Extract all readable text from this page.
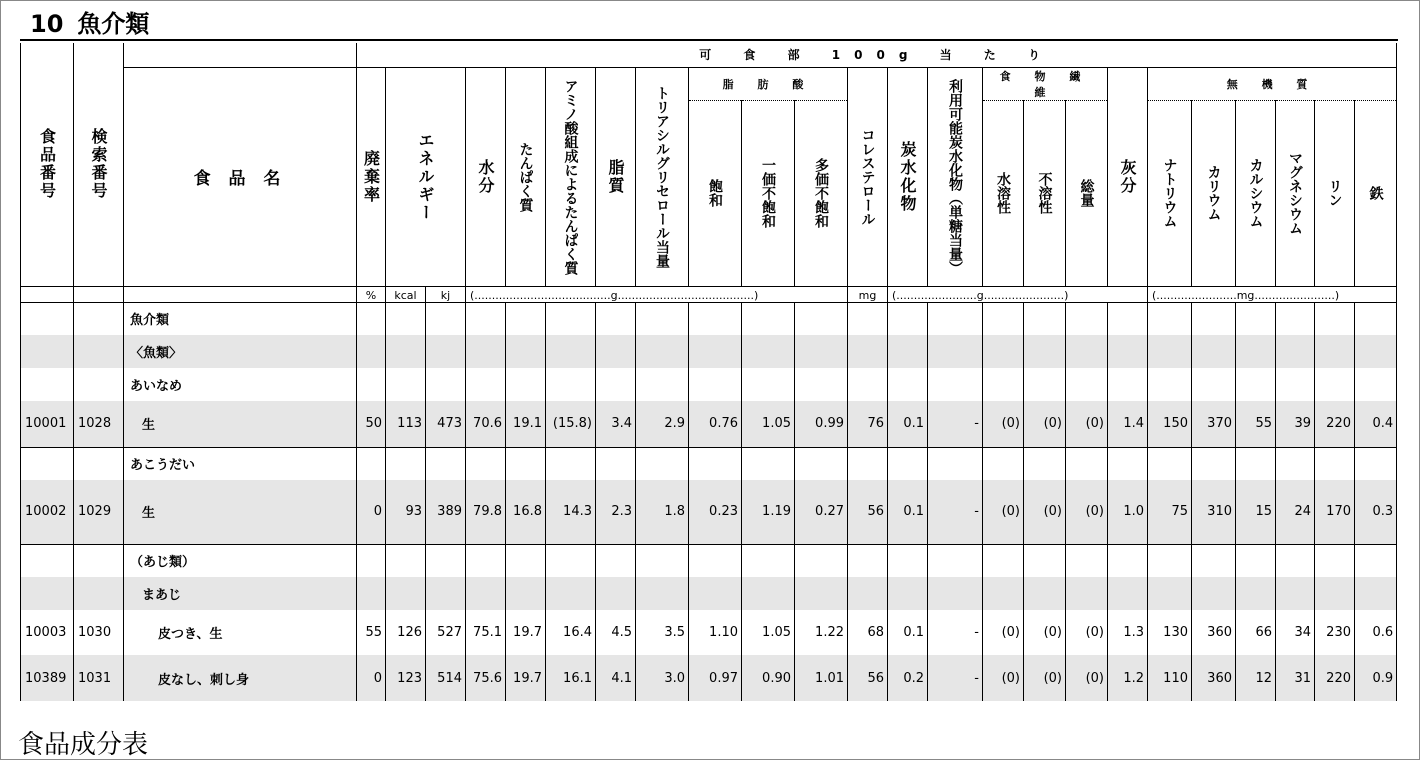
10 魚介類
食品番号	検索番号		可 食 部 100g 当 た り																							
		食 品 名	廃棄率	エネルギー		水分	たんぱく質	アミノ酸組成によるたんぱく質	脂質	トリアシルグリセロール当量	脂 肪 酸			コレステロール	炭水化物	利用可能炭水化物（単糖当量）	食 物 繊 維			灰分	無 機 質					
											飽和	一価不飽和	多価不飽和				水溶性	不溶性	総量		ナトリウム	カリウム	カルシウム	マグネシウム	リン	鉄

			%	kcal	kj	(.......................................g.......................................)								mg	(.......................g.......................)						(.......................mg.......................)					
		魚介類																								
		〈魚類〉																								
		あいなめ																								
10001	1028	生	50	113	473	70.6	19.1	(15.8)	3.4	2.9	0.76	1.05	0.99	76	0.1	-	(0)	(0)	(0)	1.4	150	370	55	39	220	0.4
		あこうだい																								
10002	1029	生	0	93	389	79.8	16.8	14.3	2.3	1.8	0.23	1.19	0.27	56	0.1	-	(0)	(0)	(0)	1.0	75	310	15	24	170	0.3
		（あじ類）																								
		まあじ																								
10003	1030	皮つき、生	55	126	527	75.1	19.7	16.4	4.5	3.5	1.10	1.05	1.22	68	0.1	-	(0)	(0)	(0)	1.3	130	360	66	34	230	0.6
10389	1031	皮なし、刺し身	0	123	514	75.6	19.7	16.1	4.1	3.0	0.97	0.90	1.01	56	0.2	-	(0)	(0)	(0)	1.2	110	360	12	31	220	0.9
食品成分表
